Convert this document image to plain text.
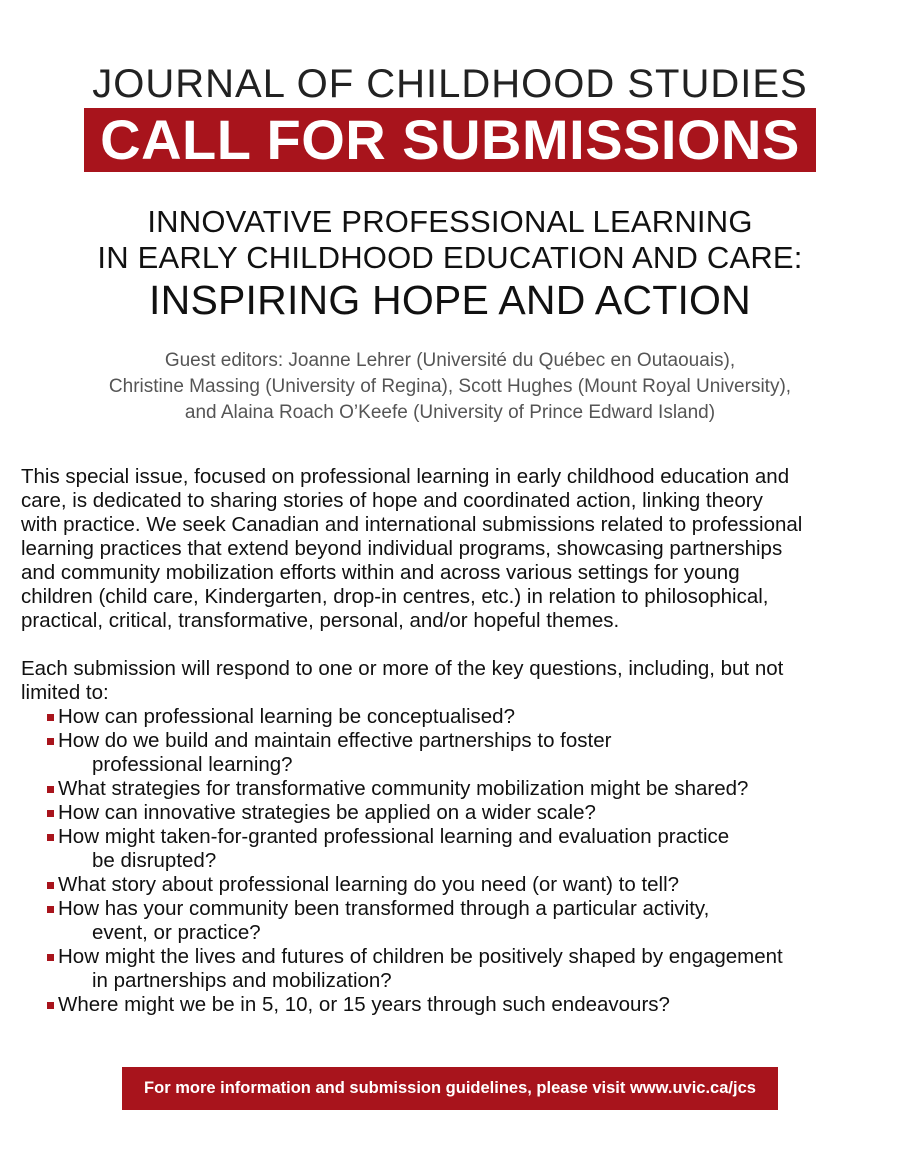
JOURNAL OF CHILDHOOD STUDIES
CALL FOR SUBMISSIONS
INNOVATIVE PROFESSIONAL LEARNING
IN EARLY CHILDHOOD EDUCATION AND CARE:
INSPIRING HOPE AND ACTION
Guest editors: Joanne Lehrer (Université du Québec en Outaouais),
Christine Massing (University of Regina), Scott Hughes (Mount Royal University),
and Alaina Roach O’Keefe (University of Prince Edward Island)
This special issue, focused on professional learning in early childhood education and
care, is dedicated to sharing stories of hope and coordinated action, linking theory
with practice. We seek Canadian and international submissions related to professional
learning practices that extend beyond individual programs, showcasing partnerships
and community mobilization efforts within and across various settings for young
children (child care, Kindergarten, drop-in centres, etc.) in relation to philosophical,
practical, critical, transformative, personal, and/or hopeful themes.
Each submission will respond to one or more of the key questions, including, but not
limited to:
How can professional learning be conceptualised?
How do we build and maintain effective partnerships to foster
professional learning?
What strategies for transformative community mobilization might be shared?
How can innovative strategies be applied on a wider scale?
How might taken-for-granted professional learning and evaluation practice
be disrupted?
What story about professional learning do you need (or want) to tell?
How has your community been transformed through a particular activity,
event, or practice?
How might the lives and futures of children be positively shaped by engagement
in partnerships and mobilization?
Where might we be in 5, 10, or 15 years through such endeavours?
For more information and submission guidelines, please visit www.uvic.ca/jcs
